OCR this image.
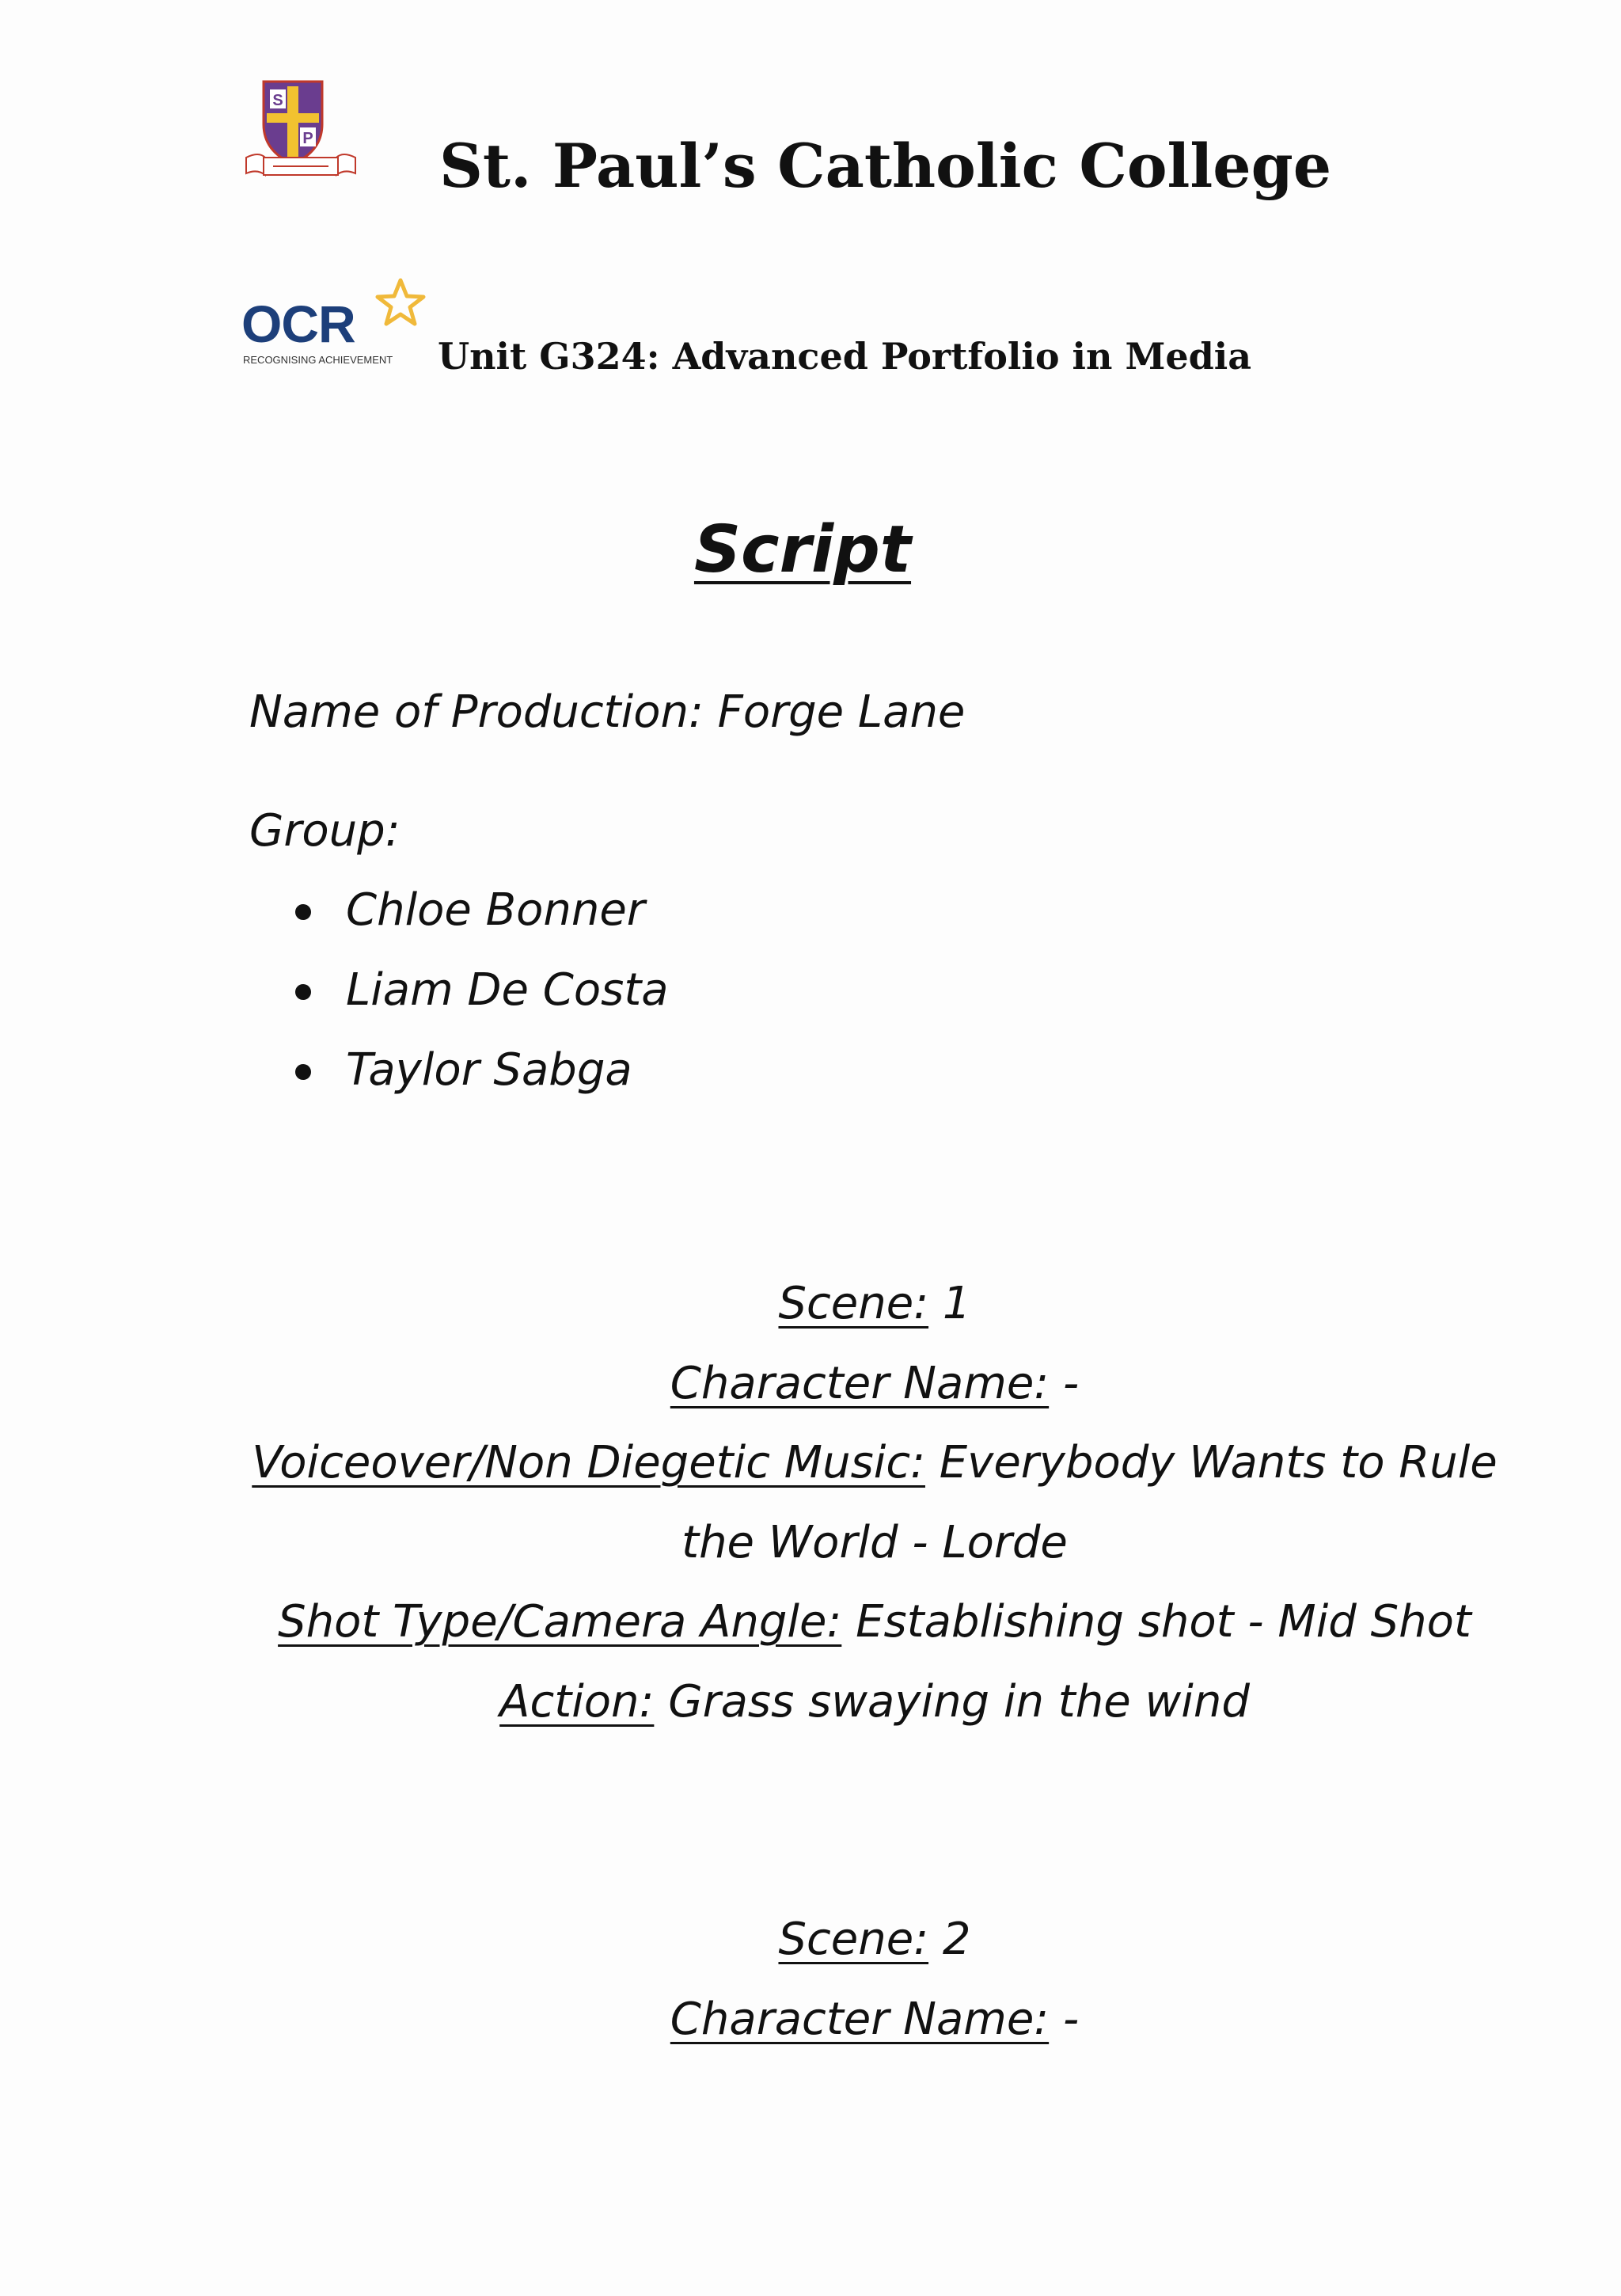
S
P St. Paul’s Catholic College
OCR
RECOGNISING ACHIEVEMENT Unit G324: Advanced Portfolio in Media
Script
Name of Production: Forge Lane
Group:
Chloe Bonner
Liam De Costa
Taylor Sabga
Scene: 1
Character Name: -
Voiceover/Non Diegetic Music: Everybody Wants to Rule the World - Lorde
Shot Type/Camera Angle: Establishing shot - Mid Shot
Action: Grass swaying in the wind
Scene: 2
Character Name: -
